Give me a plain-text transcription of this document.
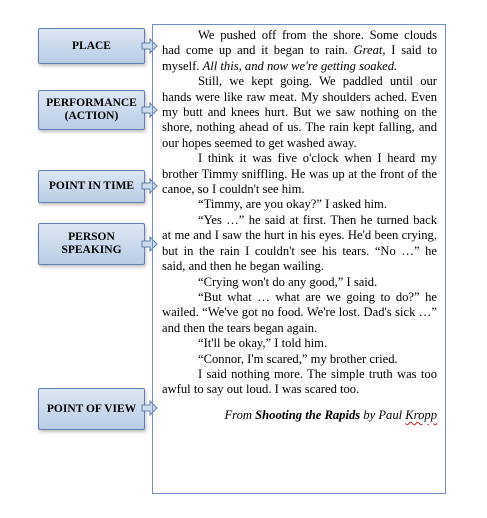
PLACE
PERFORMANCE
(ACTION)
POINT IN TIME
PERSON
SPEAKING
POINT OF VIEW

We pushed off from the shore. Some clouds had come up and it began to rain. Great, I said to myself. All this, and now we're getting soaked.

Still, we kept going. We paddled until our hands were like raw meat. My shoulders ached. Even my butt and knees hurt. But we saw nothing on the shore, nothing ahead of us. The rain kept falling, and our hopes seemed to get washed away.

I think it was five o'clock when I heard my brother Timmy sniffling. He was up at the front of the canoe, so I couldn't see him.

“Timmy, are you okay?” I asked him.

“Yes …” he said at first. Then he turned back at me and I saw the hurt in his eyes. He'd been crying, but in the rain I couldn't see his tears. “No …” he said, and then he began wailing.

“Crying won't do any good,” I said.

“But what … what are we going to do?” he wailed. “We've got no food. We're lost. Dad's sick …” and then the tears began again.

“It'll be okay,” I told him.

“Connor, I'm scared,” my brother cried.

I said nothing more. The simple truth was too awful to say out loud. I was scared too.

From Shooting the Rapids by Paul Kropp
